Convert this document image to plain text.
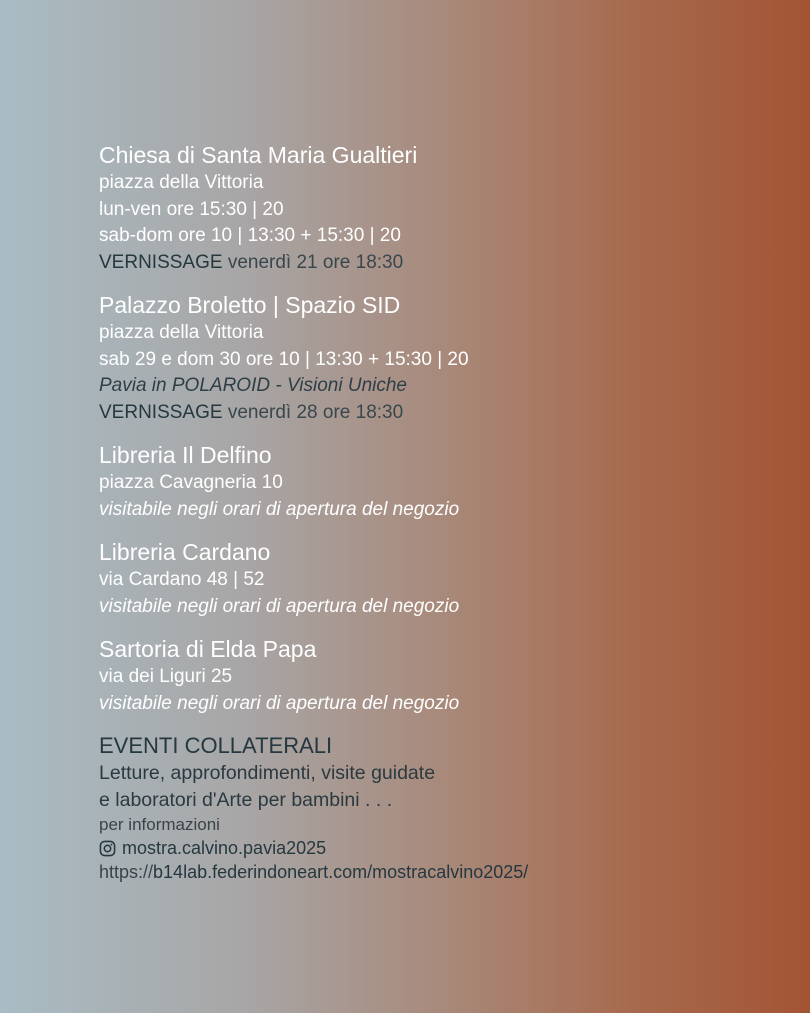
Chiesa di Santa Maria Gualtieri
piazza della Vittoria
lun-ven ore 15:30 | 20
sab-dom ore 10 | 13:30 + 15:30 | 20
VERNISSAGE venerdì 21 ore 18:30
Palazzo Broletto | Spazio SID
piazza della Vittoria
sab 29 e dom 30 ore 10 | 13:30 + 15:30 | 20
Pavia in POLAROID - Visioni Uniche
VERNISSAGE venerdì 28 ore 18:30
Libreria Il Delfino
piazza Cavagneria 10
visitabile negli orari di apertura del negozio
Libreria Cardano
via Cardano 48 | 52
visitabile negli orari di apertura del negozio
Sartoria di Elda Papa
via dei Liguri 25
visitabile negli orari di apertura del negozio
EVENTI COLLATERALI
Letture, approfondimenti, visite guidate
e laboratori d'Arte per bambini . . .
per informazioni
mostra.calvino.pavia2025
https://b14lab.federindoneart.com/mostracalvino2025/
